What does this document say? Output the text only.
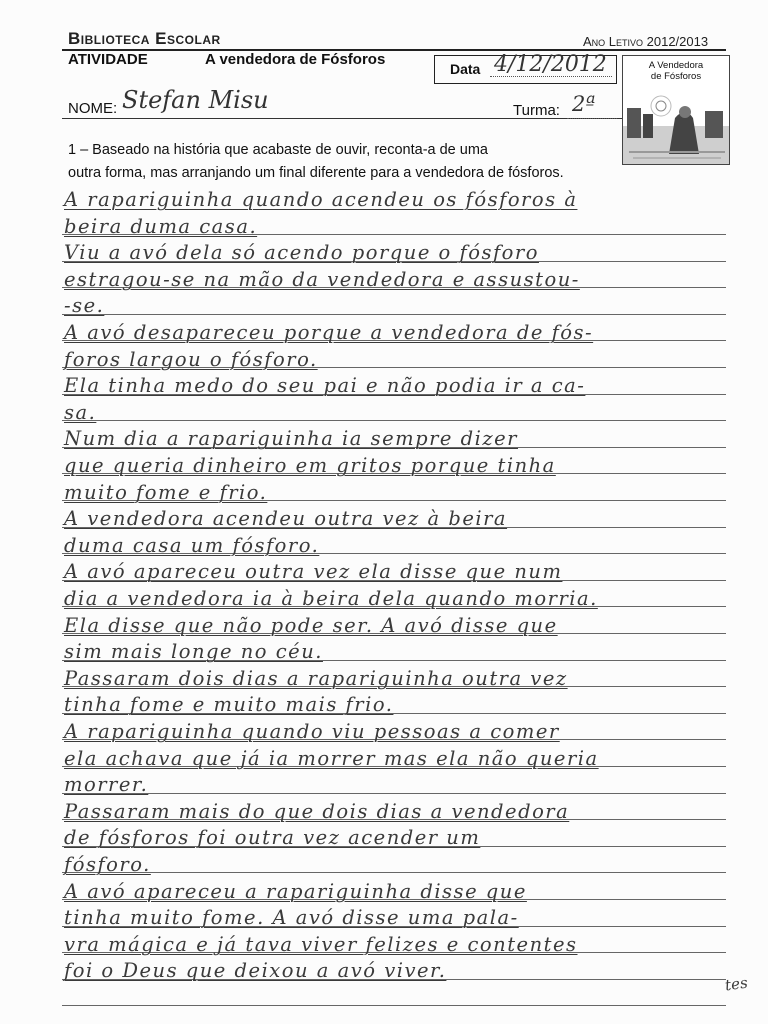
Biblioteca Escolar	Ano Letivo 2012/2013
ATIVIDADE	A vendedora de Fósforos
Data 4/12/2012	A Vendedora
de Fósforos
NOME: Stefan Misu	Turma: 2ª
1 – Baseado na história que acabaste de ouvir, reconta-a de uma
outra forma, mas arranjando um final diferente para a vendedora de fósforos.
A rapariguinha quando acendeu os fósforos à
beira duma casa.
Viu a avó dela só acendo porque o fósforo
estragou-se na mão da vendedora e assustou-
-se.
A avó desapareceu porque a vendedora de fós-
foros largou o fósforo.
Ela tinha medo do seu pai e não podia ir a ca-
sa.
Num dia a rapariguinha ia sempre dizer
que queria dinheiro em gritos porque tinha
muito fome e frio.
A vendedora acendeu outra vez à beira
duma casa um fósforo.
A avó apareceu outra vez ela disse que num
dia a vendedora ia à beira dela quando morria.
Ela disse que não pode ser. A avó disse que
sim mais longe no céu.
Passaram dois dias a rapariguinha outra vez
tinha fome e muito mais frio.
A rapariguinha quando viu pessoas a comer
ela achava que já ia morrer mas ela não queria
morrer.
Passaram mais do que dois dias a vendedora
de fósforos foi outra vez acender um
fósforo.
A avó apareceu a rapariguinha disse que
tinha muito fome. A avó disse uma pala-
vra mágica e já tava viver felizes e contentes
foi o Deus que deixou a avó viver.
tes
